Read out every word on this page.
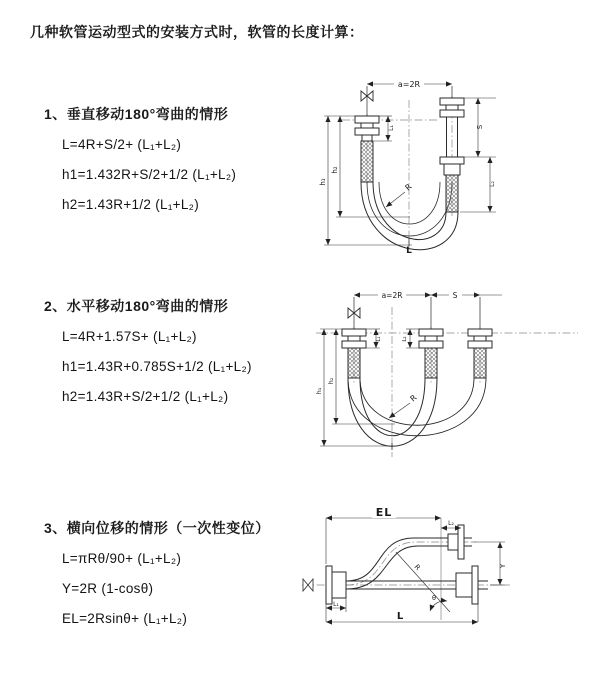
几种软管运动型式的安装方式时，软管的长度计算：
1、垂直移动180°弯曲的情形
L=4R+S/2+ (L₁+L₂)
h1=1.432R+S/2+1/2 (L₁+L₂)
h2=1.43R+1/2 (L₁+L₂)
2、水平移动180°弯曲的情形
L=4R+1.57S+ (L₁+L₂)
h1=1.43R+0.785S+1/2 (L₁+L₂)
h2=1.43R+S/2+1/2 (L₁+L₂)
3、横向位移的情形（一次性变位）
L=πRθ/90+ (L₁+L₂)
Y=2R (1-cosθ)
EL=2Rsinθ+ (L₁+L₂)
a=2R
h₁
h₂
L₁	S
L₂
R
L
a=2R	S
h₁
h₂
L₁	L₂
R
EL
L₂
Y
R
θ
L
L₁
